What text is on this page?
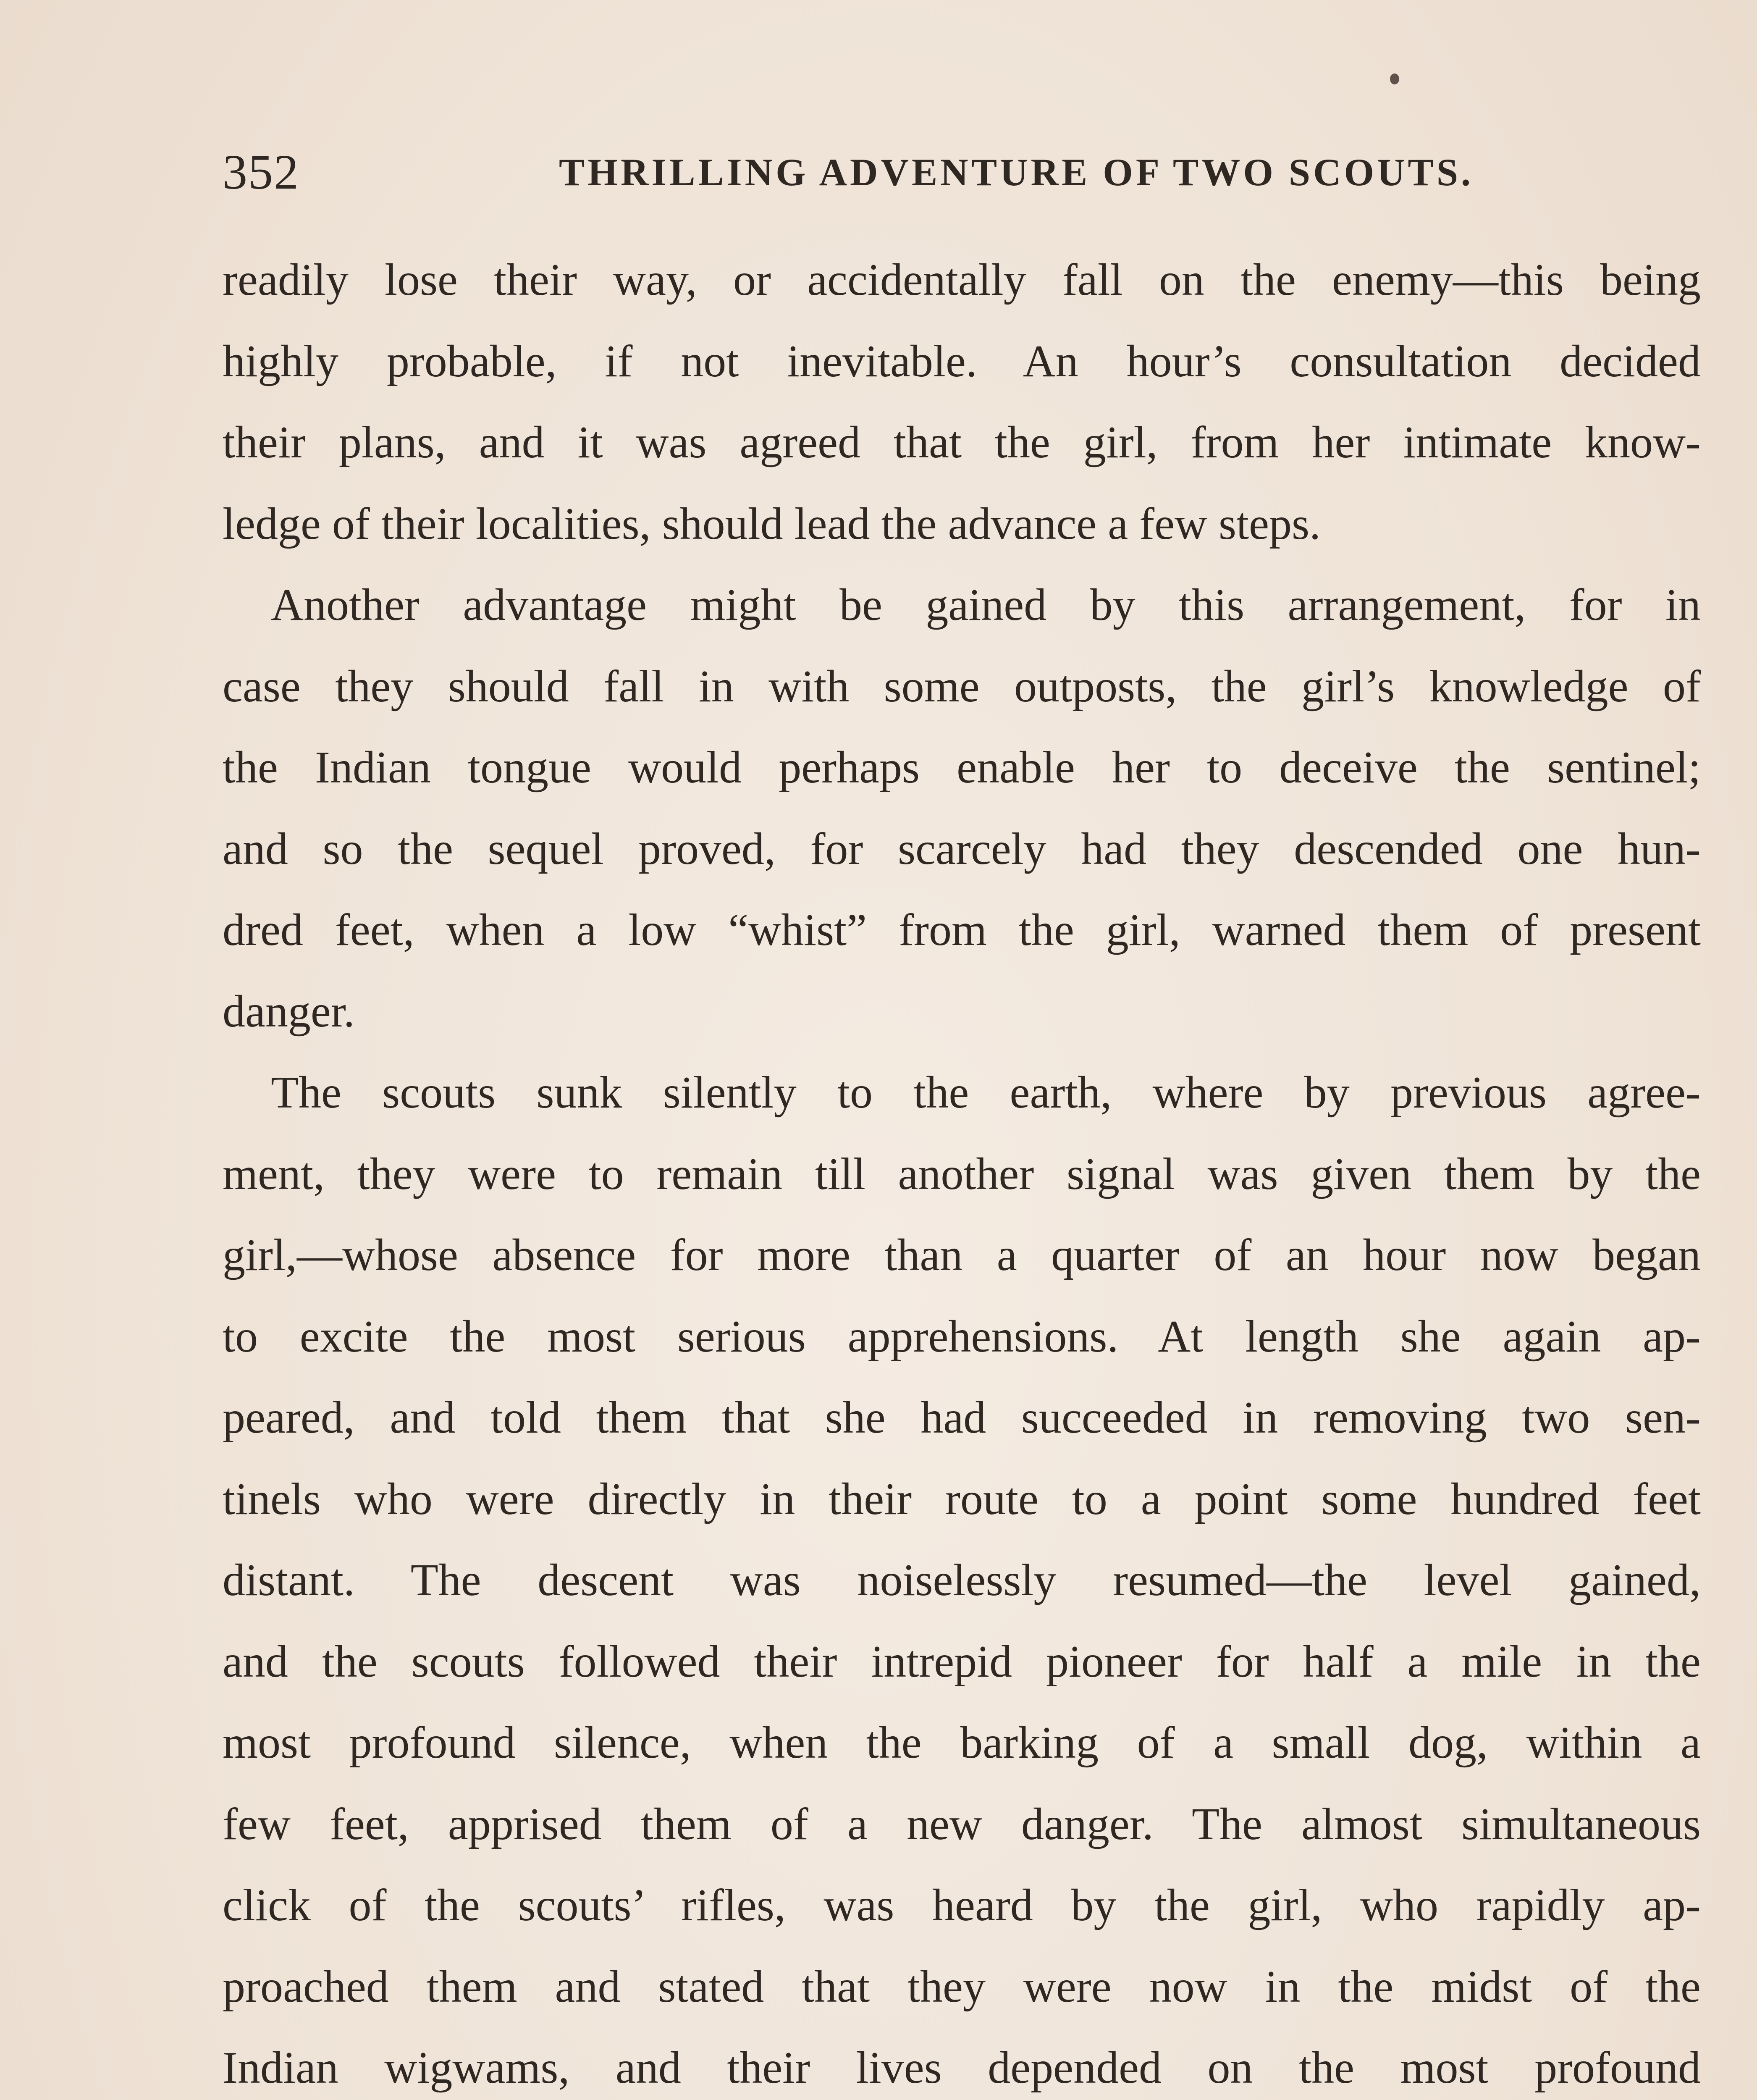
352	THRILLING ADVENTURE OF TWO SCOUTS.
readily lose their way, or accidentally fall on the enemy—this being
highly probable, if not inevitable. An hour’s consultation decided
their plans, and it was agreed that the girl, from her intimate know-
ledge of their localities, should lead the advance a few steps.
Another advantage might be gained by this arrangement, for in
case they should fall in with some outposts, the girl’s knowledge of
the Indian tongue would perhaps enable her to deceive the sentinel;
and so the sequel proved, for scarcely had they descended one hun-
dred feet, when a low “whist” from the girl, warned them of present
danger.
The scouts sunk silently to the earth, where by previous agree-
ment, they were to remain till another signal was given them by the
girl,—whose absence for more than a quarter of an hour now began
to excite the most serious apprehensions. At length she again ap-
peared, and told them that she had succeeded in removing two sen-
tinels who were directly in their route to a point some hundred feet
distant. The descent was noiselessly resumed—the level gained,
and the scouts followed their intrepid pioneer for half a mile in the
most profound silence, when the barking of a small dog, within a
few feet, apprised them of a new danger. The almost simultaneous
click of the scouts’ rifles, was heard by the girl, who rapidly ap-
proached them and stated that they were now in the midst of the
Indian wigwams, and their lives depended on the most profound
